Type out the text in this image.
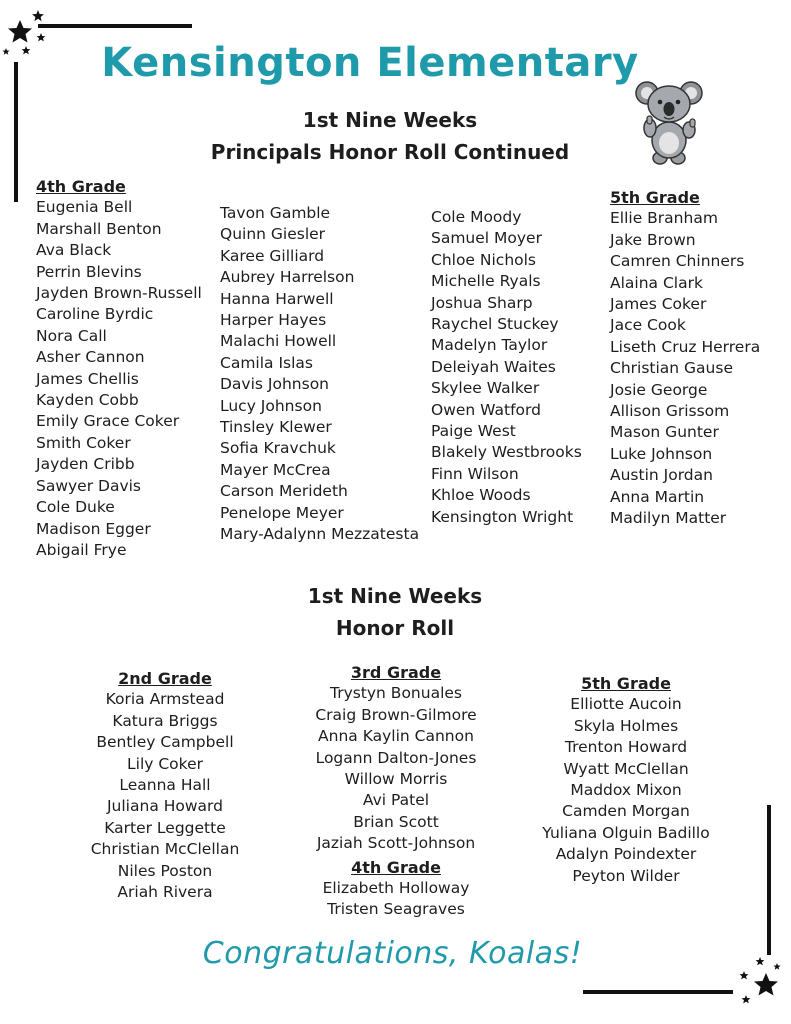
Kensington Elementary
1st Nine Weeks
Principals Honor Roll Continued
4th Grade
Eugenia Bell
Marshall Benton
Ava Black
Perrin Blevins
Jayden Brown-Russell
Caroline Byrdic
Nora Call
Asher Cannon
James Chellis
Kayden Cobb
Emily Grace Coker
Smith Coker
Jayden Cribb
Sawyer Davis
Cole Duke
Madison Egger
Abigail Frye
Tavon Gamble
Quinn Giesler
Karee Gilliard
Aubrey Harrelson
Hanna Harwell
Harper Hayes
Malachi Howell
Camila Islas
Davis Johnson
Lucy Johnson
Tinsley Klewer
Sofia Kravchuk
Mayer McCrea
Carson Merideth
Penelope Meyer
Mary-Adalynn Mezzatesta
Cole Moody
Samuel Moyer
Chloe Nichols
Michelle Ryals
Joshua Sharp
Raychel Stuckey
Madelyn Taylor
Deleiyah Waites
Skylee Walker
Owen Watford
Paige West
Blakely Westbrooks
Finn Wilson
Khloe Woods
Kensington Wright
5th Grade
Ellie Branham
Jake Brown
Camren Chinners
Alaina Clark
James Coker
Jace Cook
Liseth Cruz Herrera
Christian Gause
Josie George
Allison Grissom
Mason Gunter
Luke Johnson
Austin Jordan
Anna Martin
Madilyn Matter
1st Nine Weeks
Honor Roll
2nd Grade
Koria Armstead
Katura Briggs
Bentley Campbell
Lily Coker
Leanna Hall
Juliana Howard
Karter Leggette
Christian McClellan
Niles Poston
Ariah Rivera
3rd Grade
Trystyn Bonuales
Craig Brown-Gilmore
Anna Kaylin Cannon
Logann Dalton-Jones
Willow Morris
Avi Patel
Brian Scott
Jaziah Scott-Johnson
4th Grade
Elizabeth Holloway
Tristen Seagraves
5th Grade
Elliotte Aucoin
Skyla Holmes
Trenton Howard
Wyatt McClellan
Maddox Mixon
Camden Morgan
Yuliana Olguin Badillo
Adalyn Poindexter
Peyton Wilder
Congratulations, Koalas!
